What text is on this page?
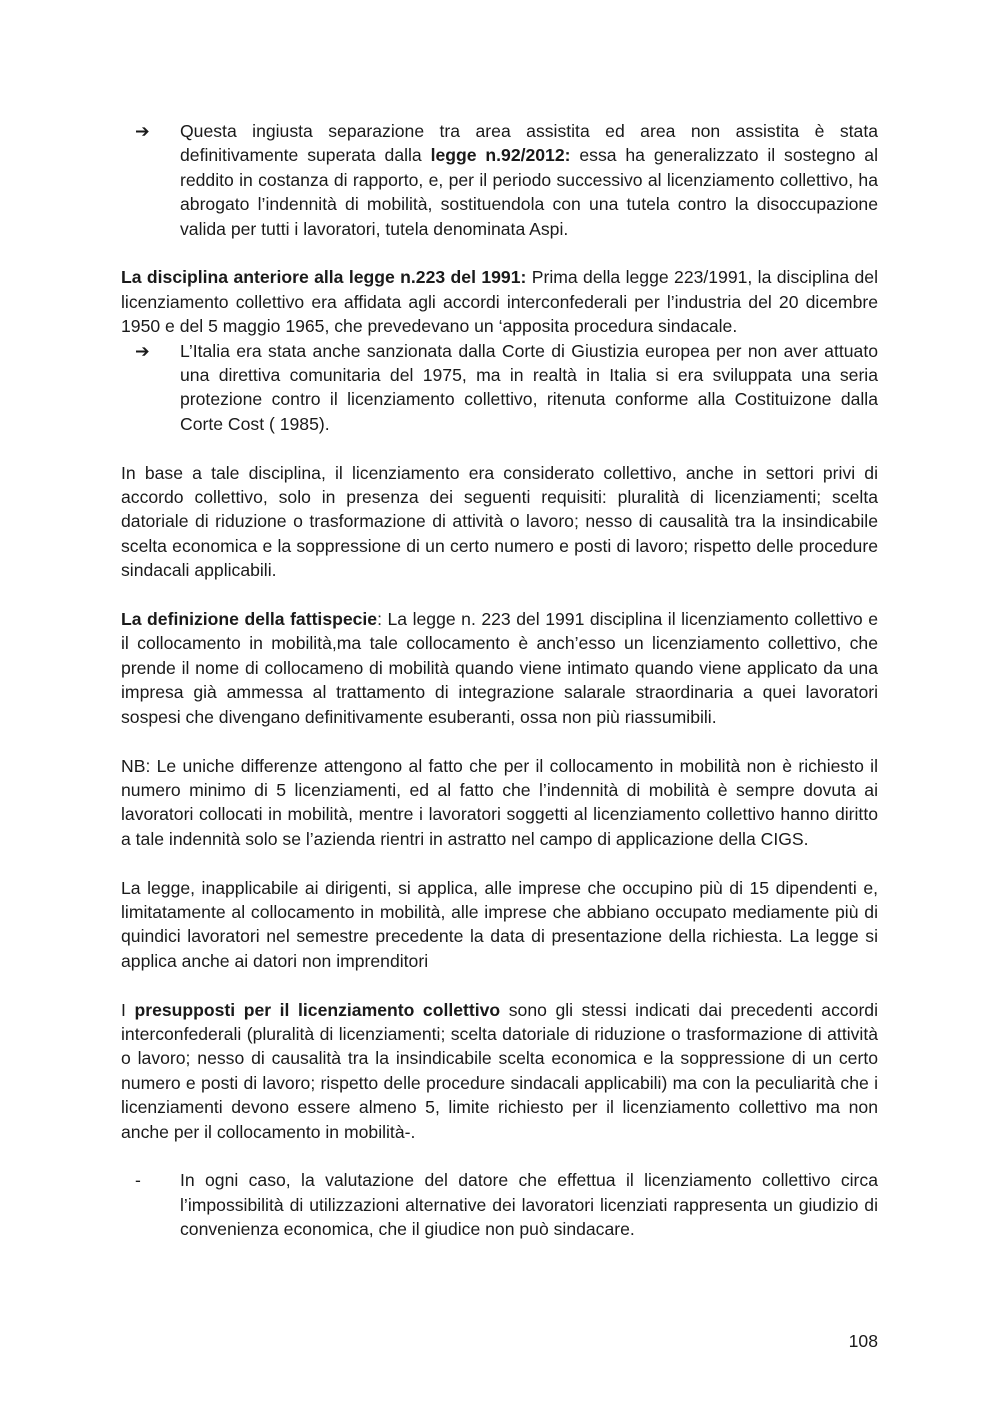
➔ Questa ingiusta separazione tra area assistita ed area non assistita è stata definitivamente superata dalla legge n.92/2012: essa ha generalizzato il sostegno al reddito in costanza di rapporto, e, per il periodo successivo al licenziamento collettivo, ha abrogato l’indennità di mobilità, sostituendola con una tutela contro la disoccupazione valida per tutti i lavoratori, tutela denominata Aspi.

La disciplina anteriore alla legge n.223 del 1991: Prima della legge 223/1991, la disciplina del licenziamento collettivo era affidata agli accordi interconfederali per l’industria del 20 dicembre 1950 e del 5 maggio 1965, che prevedevano un ‘apposita procedura sindacale.

➔ L’Italia era stata anche sanzionata dalla Corte di Giustizia europea per non aver attuato una direttiva comunitaria del 1975, ma in realtà in Italia si era sviluppata una seria protezione contro il licenziamento collettivo, ritenuta conforme alla Costituizone dalla Corte Cost ( 1985).

In base a tale disciplina, il licenziamento era considerato collettivo, anche in settori privi di accordo collettivo, solo in presenza dei seguenti requisiti: pluralità di licenziamenti; scelta datoriale di riduzione o trasformazione di attività o lavoro; nesso di causalità tra la insindicabile scelta economica e la soppressione di un certo numero e posti di lavoro; rispetto delle procedure sindacali applicabili.

La definizione della fattispecie: La legge n. 223 del 1991 disciplina il licenziamento collettivo e il collocamento in mobilità,ma tale collocamento è anch’esso un licenziamento collettivo, che prende il nome di collocameno di mobilità quando viene intimato quando viene applicato da una impresa già ammessa al trattamento di integrazione salarale straordinaria a quei lavoratori sospesi che divengano definitivamente esuberanti, ossa non più riassumibili.

NB: Le uniche differenze attengono al fatto che per il collocamento in mobilità non è richiesto il numero minimo di 5 licenziamenti, ed al fatto che l’indennità di mobilità è sempre dovuta ai lavoratori collocati in mobilità, mentre i lavoratori soggetti al licenziamento collettivo hanno diritto a tale indennità solo se l’azienda rientri in astratto nel campo di applicazione della CIGS.

La legge, inapplicabile ai dirigenti, si applica, alle imprese che occupino più di 15 dipendenti e, limitatamente al collocamento in mobilità, alle imprese che abbiano occupato mediamente più di quindici lavoratori nel semestre precedente la data di presentazione della richiesta. La legge si applica anche ai datori non imprenditori

I presupposti per il licenziamento collettivo sono gli stessi indicati dai precedenti accordi interconfederali (pluralità di licenziamenti; scelta datoriale di riduzione o trasformazione di attività o lavoro; nesso di causalità tra la insindicabile scelta economica e la soppressione di un certo numero e posti di lavoro; rispetto delle procedure sindacali applicabili) ma con la peculiarità che i licenziamenti devono essere almeno 5, limite richiesto per il licenziamento collettivo ma non anche per il collocamento in mobilità-.

- In ogni caso, la valutazione del datore che effettua il licenziamento collettivo circa l’impossibilità di utilizzazioni alternative dei lavoratori licenziati rappresenta un giudizio di convenienza economica, che il giudice non può sindacare.
108
